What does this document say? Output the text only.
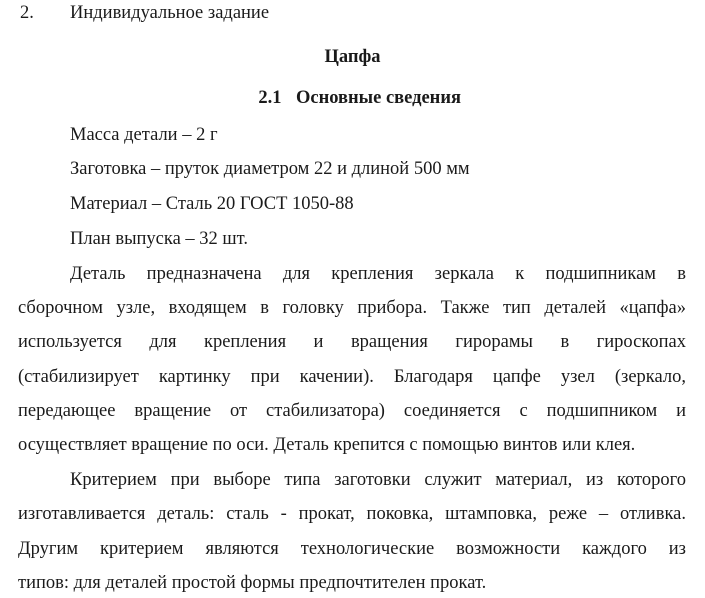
2. Индивидуальное задание
Цапфа
2.1 Основные сведения
Масса детали – 2 г
Заготовка – пруток диаметром 22 и длиной 500 мм
Материал – Сталь 20 ГОСТ 1050-88
План выпуска – 32 шт.
Деталь предназначена для крепления зеркала к подшипникам в
сборочном узле, входящем в головку прибора. Также тип деталей «цапфа»
используется для крепления и вращения гирорамы в гироскопах
(стабилизирует картинку при качении). Благодаря цапфе узел (зеркало,
передающее вращение от стабилизатора) соединяется с подшипником и
осуществляет вращение по оси. Деталь крепится с помощью винтов или клея.
Критерием при выборе типа заготовки служит материал, из которого
изготавливается деталь: сталь - прокат, поковка, штамповка, реже – отливка.
Другим критерием являются технологические возможности каждого из
типов: для деталей простой формы предпочтителен прокат.
